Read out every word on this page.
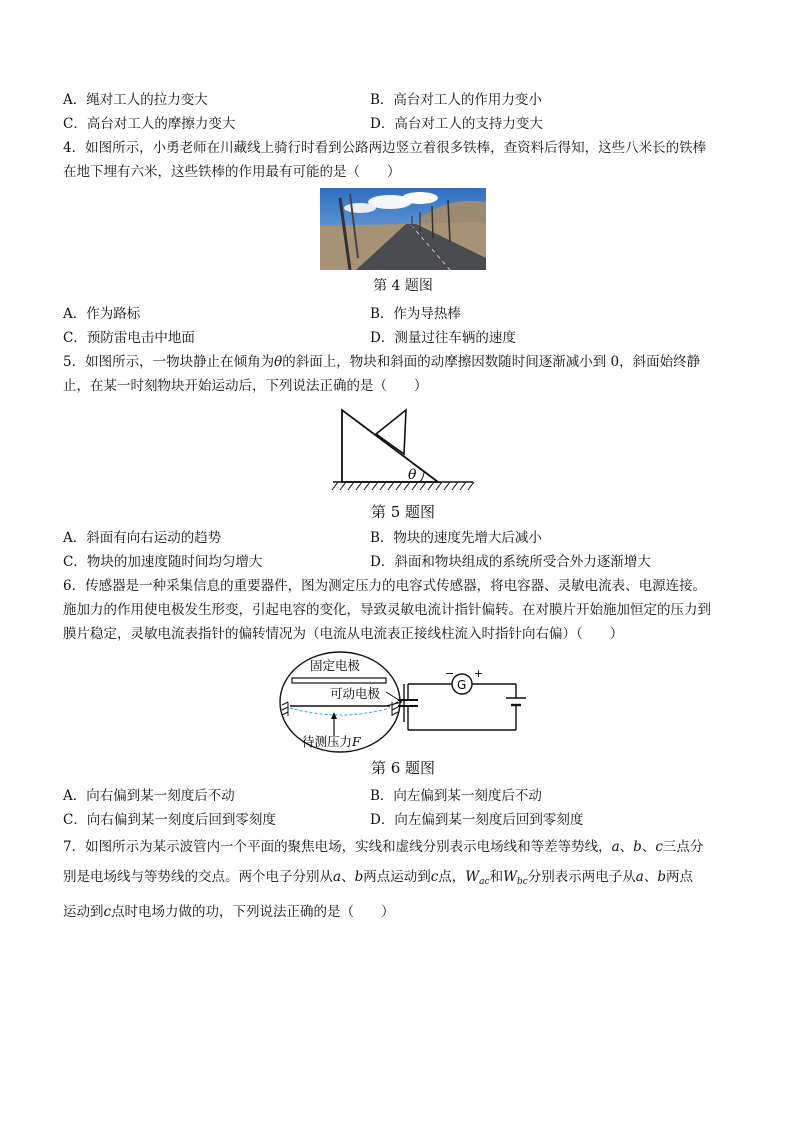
A．绳对工人的拉力变大	B．高台对工人的作用力变小
C．高台对工人的摩擦力变大	D．高台对工人的支持力变大

4．如图所示，小勇老师在川藏线上骑行时看到公路两边竖立着很多铁棒，查资料后得知，这些八米长的铁棒

在地下埋有六米，这些铁棒的作用最有可能的是（　　）

第 4 题图
A．作为路标	B．作为导热棒
C．预防雷电击中地面	D．测量过往车辆的速度

5．如图所示，一物块静止在倾角为θ的斜面上，物块和斜面的动摩擦因数随时间逐渐减小到 0，斜面始终静

止，在某一时刻物块开始运动后，下列说法正确的是（　　）

θ
第 5 题图
A．斜面有向右运动的趋势	B．物块的速度先增大后减小
C．物块的加速度随时间均匀增大	D．斜面和物块组成的系统所受合外力逐渐增大

6．传感器是一种采集信息的重要器件，图为测定压力的电容式传感器，将电容器、灵敏电流表、电源连接。

施加力的作用使电极发生形变，引起电容的变化，导致灵敏电流计指针偏转。在对膜片开始施加恒定的压力到

膜片稳定，灵敏电流表指针的偏转情况为（电流从电流表正接线柱流入时指针向右偏）（　　）

固定电极
可动电极
待测压力F
G
− +
第 6 题图
A．向右偏到某一刻度后不动	B．向左偏到某一刻度后不动
C．向右偏到某一刻度后回到零刻度	D．向左偏到某一刻度后回到零刻度

7．如图所示为某示波管内一个平面的聚焦电场，实线和虚线分别表示电场线和等差等势线，a、b、c三点分

别是电场线与等势线的交点。两个电子分别从a、b两点运动到c点，$W_{ac}$和$W_{bc}$分别表示两电子从a、b两点

运动到c点时电场力做的功，下列说法正确的是（　　）
